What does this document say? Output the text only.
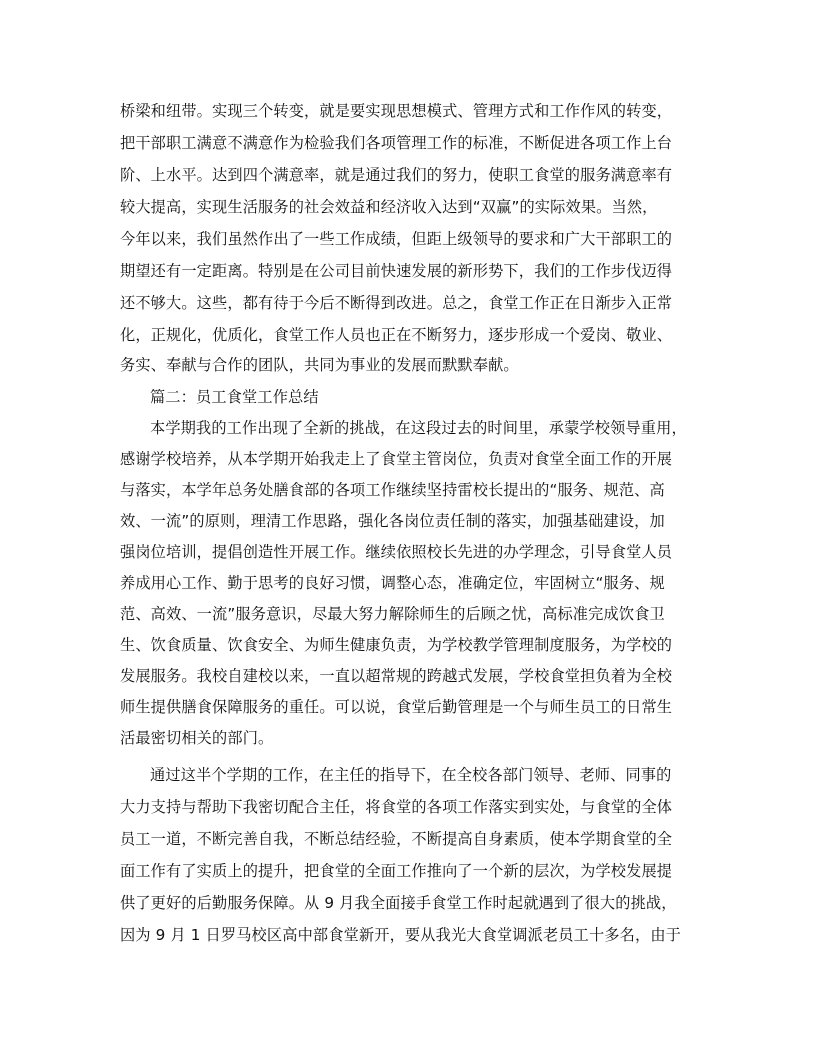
桥梁和纽带。实现三个转变，就是要实现思想模式、管理方式和工作作风的转变，
把干部职工满意不满意作为检验我们各项管理工作的标准，不断促进各项工作上台
阶、上水平。达到四个满意率，就是通过我们的努力，使职工食堂的服务满意率有
较大提高，实现生活服务的社会效益和经济收入达到“双赢”的实际效果。当然，
今年以来，我们虽然作出了一些工作成绩，但距上级领导的要求和广大干部职工的
期望还有一定距离。特别是在公司目前快速发展的新形势下，我们的工作步伐迈得
还不够大。这些，都有待于今后不断得到改进。总之，食堂工作正在日渐步入正常
化，正规化，优质化，食堂工作人员也正在不断努力，逐步形成一个爱岗、敬业、
务实、奉献与合作的团队，共同为事业的发展而默默奉献。
篇二：员工食堂工作总结
本学期我的工作出现了全新的挑战，在这段过去的时间里，承蒙学校领导重用，
感谢学校培养，从本学期开始我走上了食堂主管岗位，负责对食堂全面工作的开展
与落实，本学年总务处膳食部的各项工作继续坚持雷校长提出的“服务、规范、高
效、一流”的原则，理清工作思路，强化各岗位责任制的落实，加强基础建设，加
强岗位培训，提倡创造性开展工作。继续依照校长先进的办学理念，引导食堂人员
养成用心工作、勤于思考的良好习惯，调整心态，准确定位，牢固树立“服务、规
范、高效、一流”服务意识，尽最大努力解除师生的后顾之忧，高标准完成饮食卫
生、饮食质量、饮食安全、为师生健康负责，为学校教学管理制度服务，为学校的
发展服务。我校自建校以来，一直以超常规的跨越式发展，学校食堂担负着为全校
师生提供膳食保障服务的重任。可以说，食堂后勤管理是一个与师生员工的日常生
活最密切相关的部门。
通过这半个学期的工作，在主任的指导下，在全校各部门领导、老师、同事的
大力支持与帮助下我密切配合主任，将食堂的各项工作落实到实处，与食堂的全体
员工一道，不断完善自我，不断总结经验，不断提高自身素质，使本学期食堂的全
面工作有了实质上的提升，把食堂的全面工作推向了一个新的层次，为学校发展提
供了更好的后勤服务保障。从 9 月我全面接手食堂工作时起就遇到了很大的挑战，
因为 9 月 1 日罗马校区高中部食堂新开，要从我光大食堂调派老员工十多名，由于
